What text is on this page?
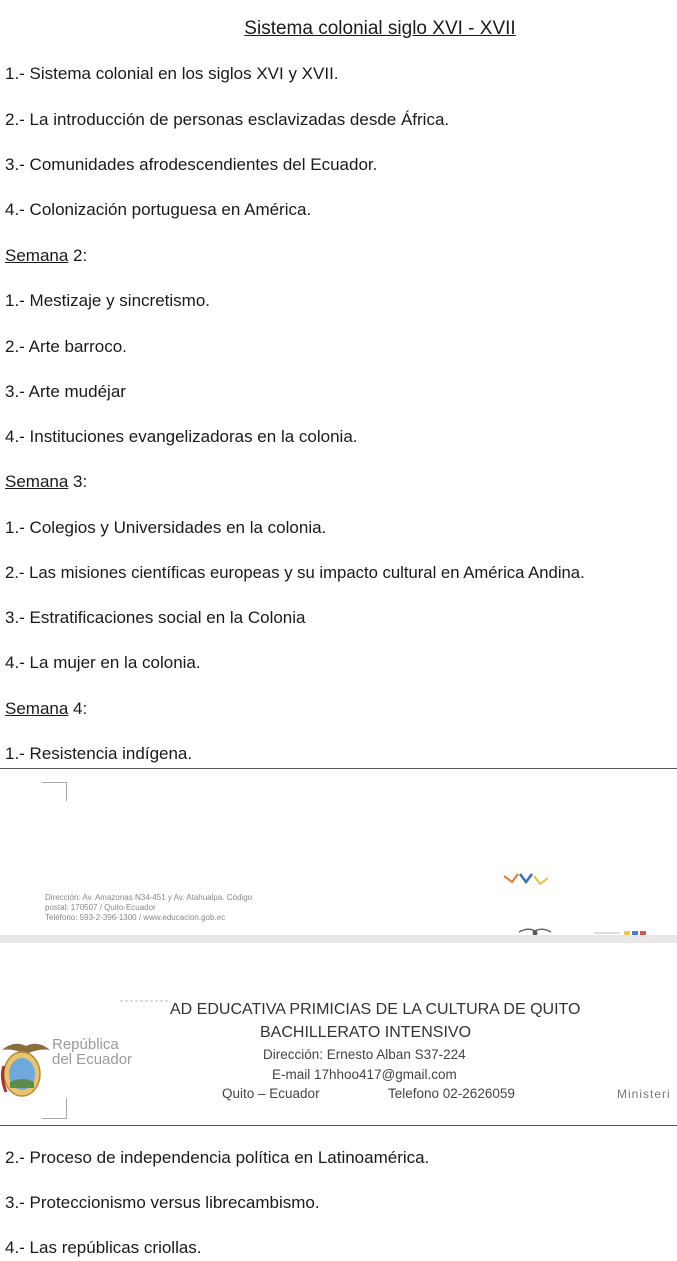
Sistema colonial siglo XVI - XVII
1.- Sistema colonial en los siglos XVI y XVII.
2.- La introducción de personas esclavizadas desde África.
3.- Comunidades afrodescendientes del Ecuador.
4.- Colonización portuguesa en América.
Semana 2:
1.- Mestizaje y sincretismo.
2.- Arte barroco.
3.- Arte mudéjar
4.- Instituciones evangelizadoras en la colonia.
Semana 3:
1.- Colegios y Universidades en la colonia.
2.- Las misiones científicas europeas y su impacto cultural en América Andina.
3.- Estratificaciones social en la Colonia
4.- La mujer en la colonia.
Semana 4:
1.- Resistencia indígena.
Dirección: Av. Amazonas N34-451 y Av. Atahualpa. Código
postal: 170507 / Quito-Ecuador
Teléfono: 593-2-396-1300 / www.educacion.gob.ec
AD EDUCATIVA PRIMICIAS DE LA CULTURA DE QUITO
BACHILLERATO INTENSIVO
Dirección: Ernesto Alban S37-224
E-mail 17hhoo417@gmail.com
Quito – Ecuador	Telefono 02-2626059
República
del Ecuador
Ministeri
2.- Proceso de independencia política en Latinoamérica.
3.- Proteccionismo versus librecambismo.
4.- Las repúblicas criollas.
